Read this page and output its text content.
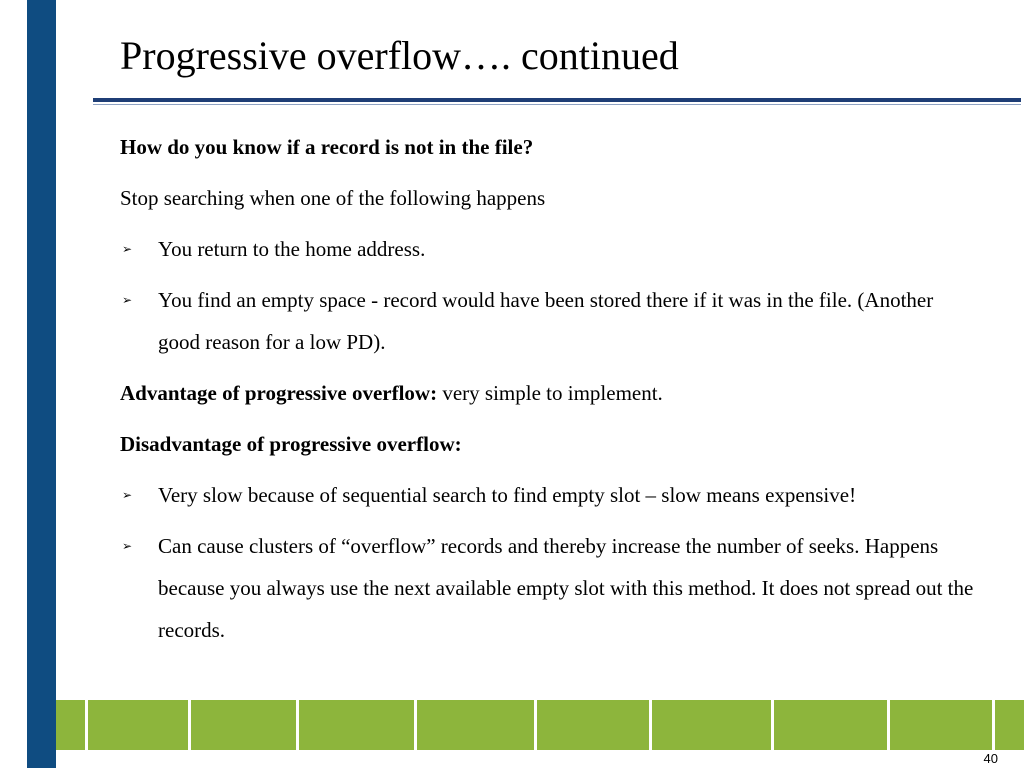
Progressive overflow…. continued

How do you know if a record is not in the file?

Stop searching when one of the following happens

➢ You return to the home address.
➢ You find an empty space - record would have been stored there if it was in the file. (Another good reason for a low PD).

Advantage of progressive overflow: very simple to implement.

Disadvantage of progressive overflow:

➢ Very slow because of sequential search to find empty slot – slow means expensive!
➢ Can cause clusters of “overflow” records and thereby increase the number of seeks. Happens because you always use the next available empty slot with this method. It does not spread out the records.
40
